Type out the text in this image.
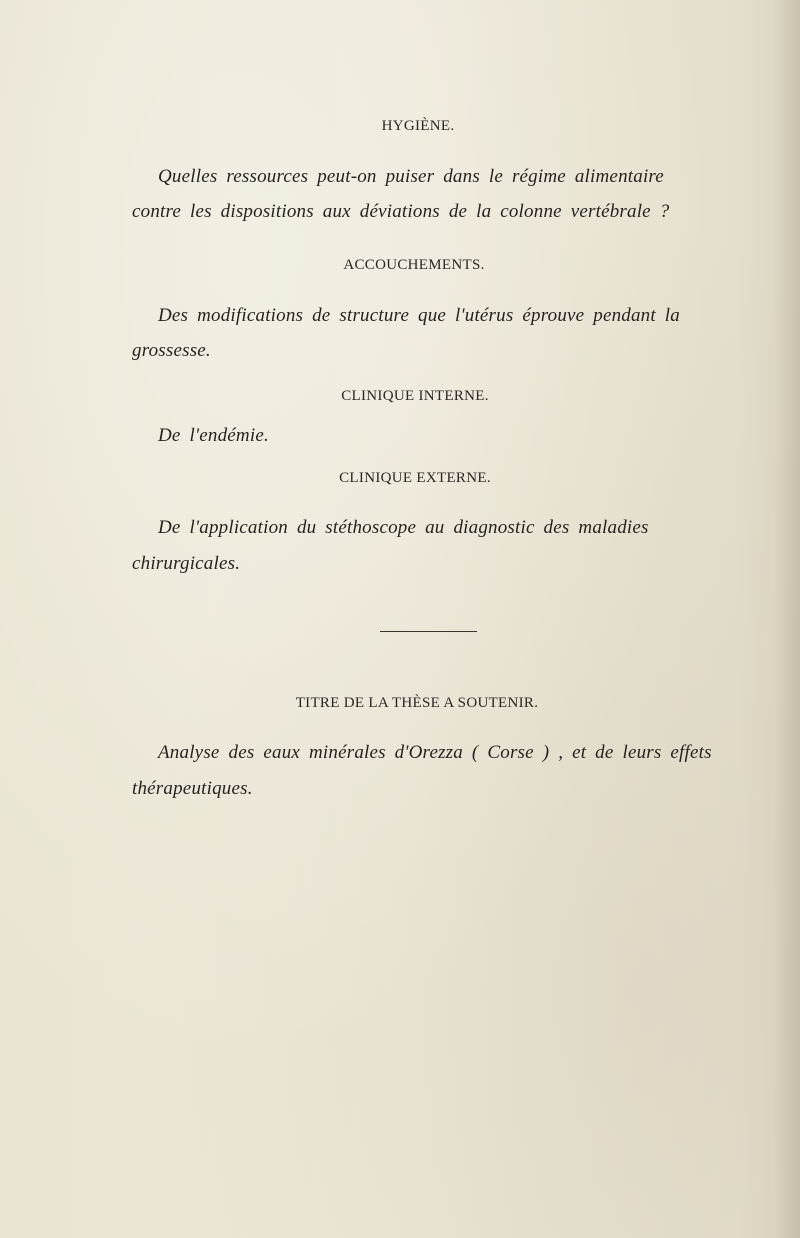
HYGIÈNE.
Quelles ressources peut-on puiser dans le régime alimentaire
contre les dispositions aux déviations de la colonne vertébrale ?
ACCOUCHEMENTS.
Des modifications de structure que l'utérus éprouve pendant la
grossesse.
CLINIQUE INTERNE.
De l'endémie.
CLINIQUE EXTERNE.
De l'application du stéthoscope au diagnostic des maladies
chirurgicales.
TITRE DE LA THÈSE A SOUTENIR.
Analyse des eaux minérales d'Orezza ( Corse ) , et de leurs effets
thérapeutiques.
